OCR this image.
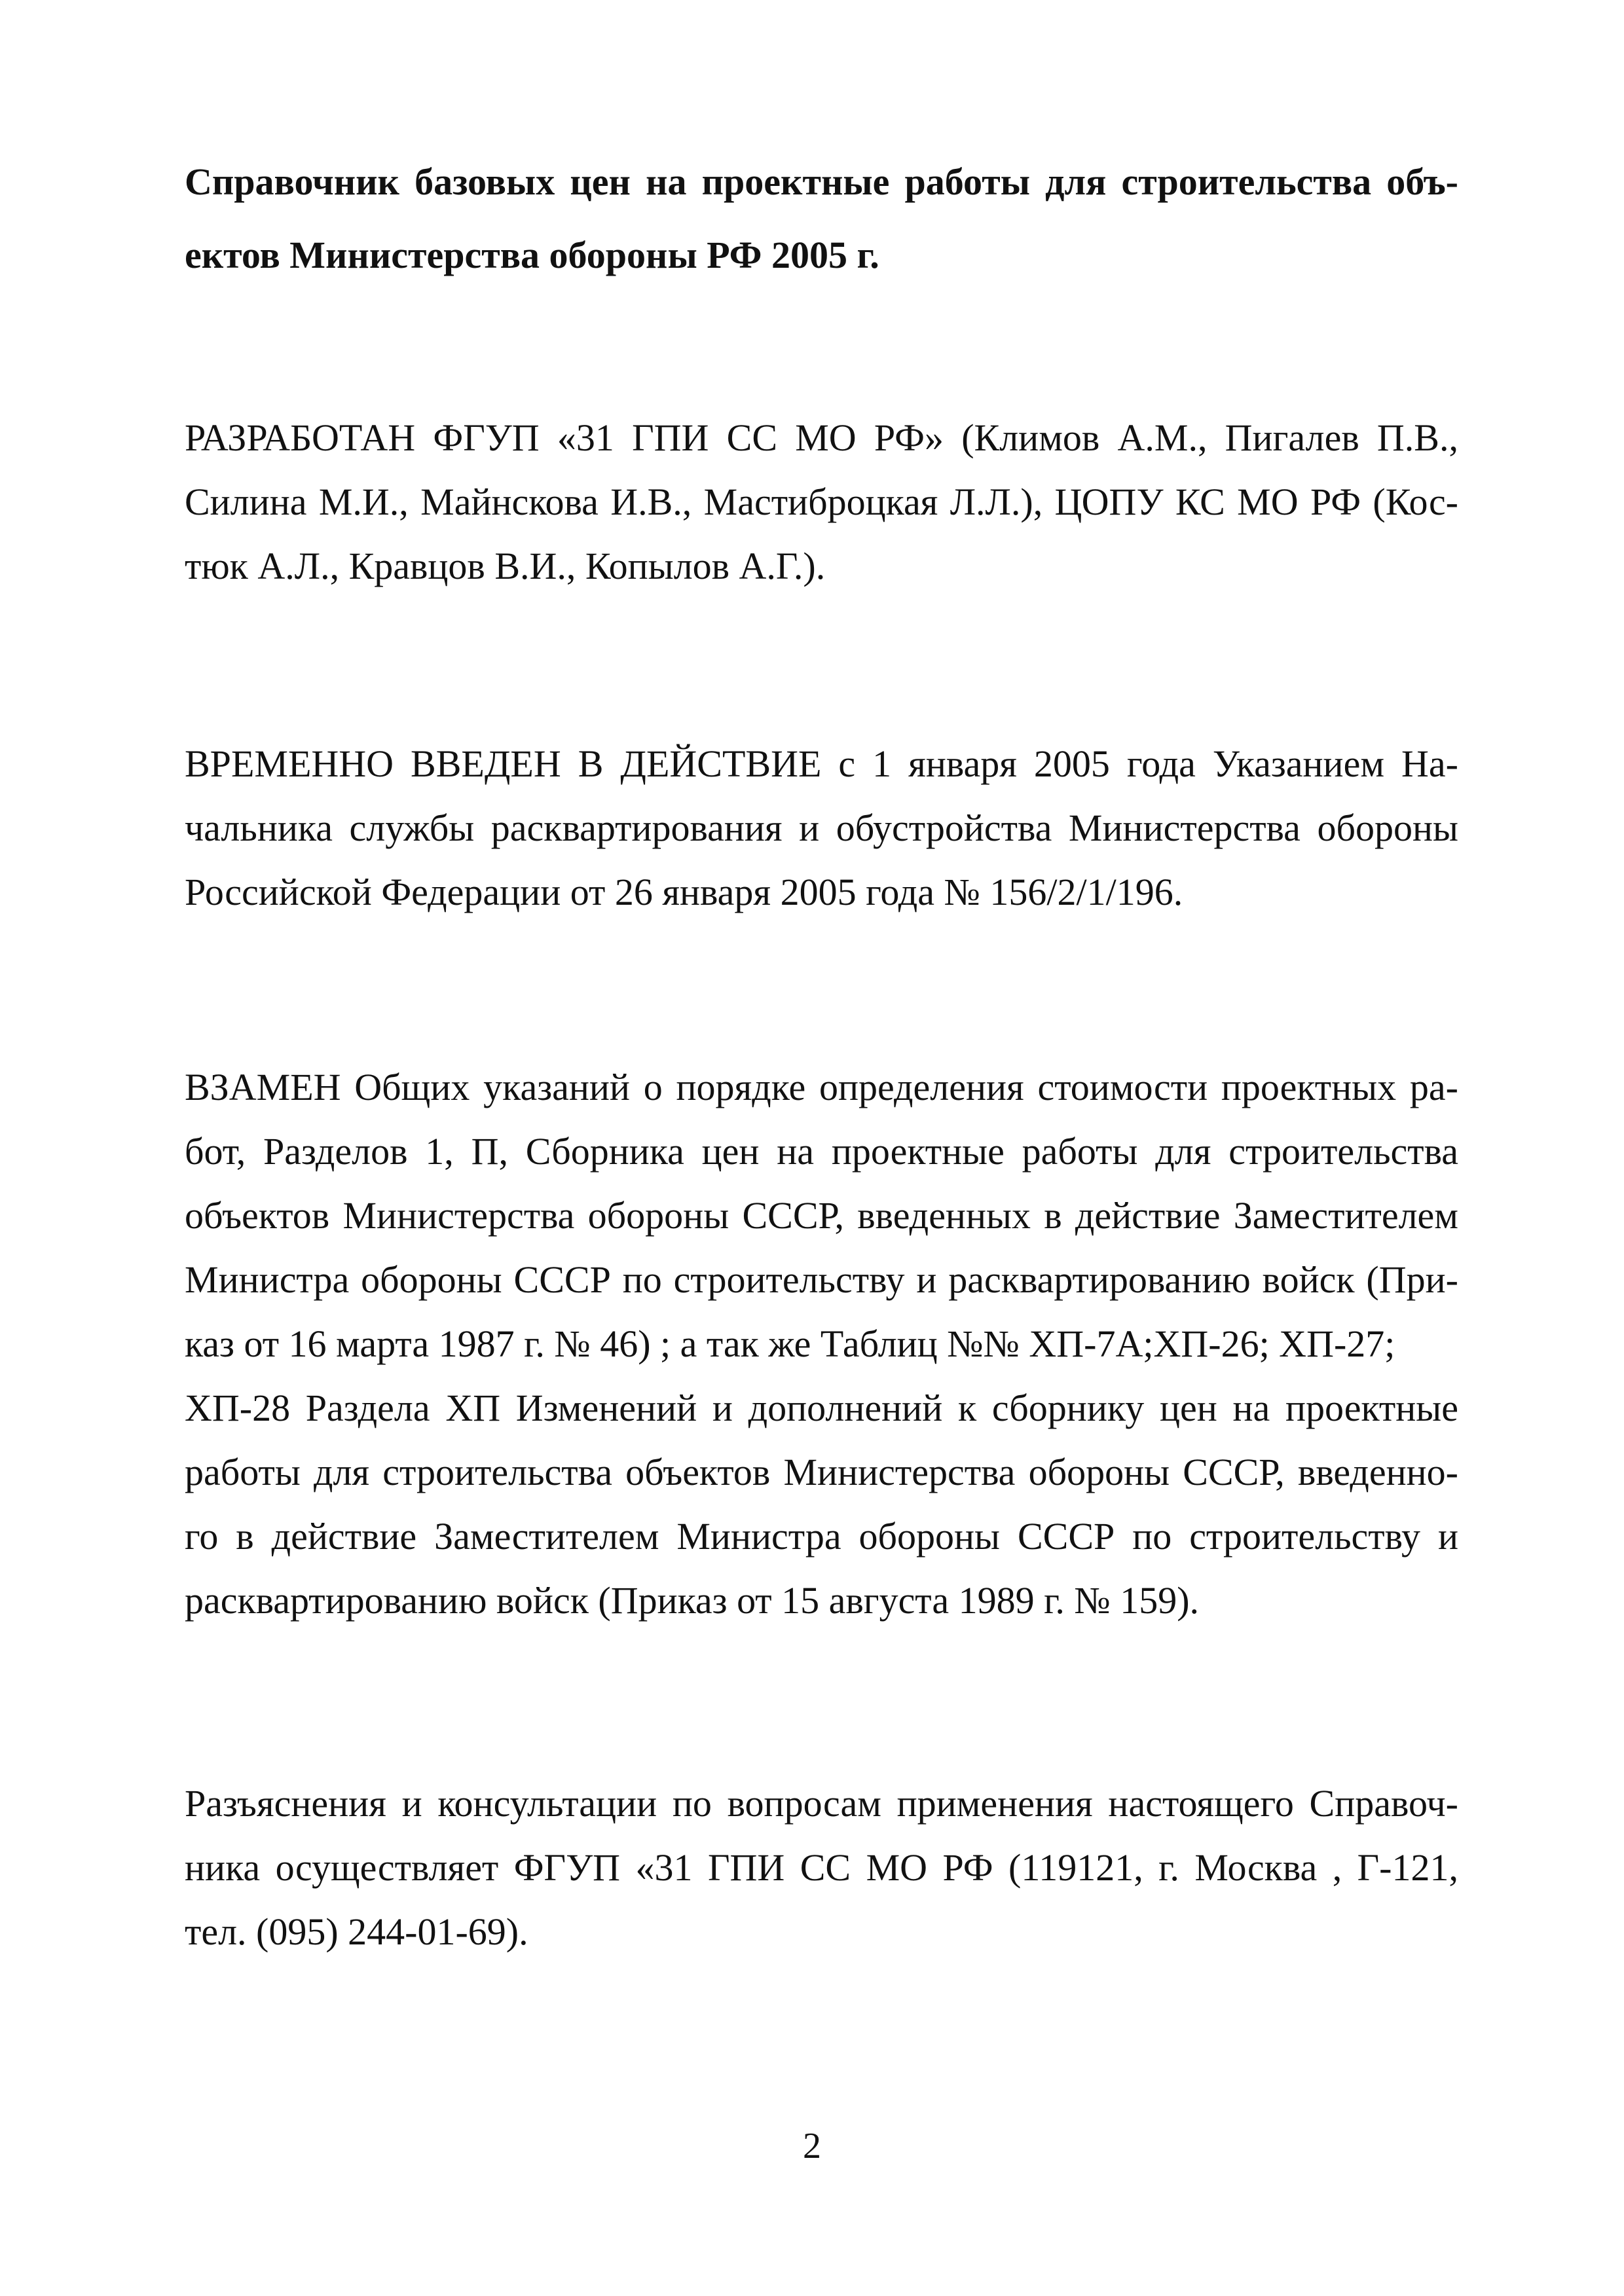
Справочник базовых цен на проектные работы для строительства объ-
ектов Министерства обороны РФ 2005 г.

РАЗРАБОТАН ФГУП «31 ГПИ СС МО РФ» (Климов А.М., Пигалев П.В.,
Силина М.И., Майнскова И.В., Мастиброцкая Л.Л.), ЦОПУ КС МО РФ (Кос-
тюк А.Л., Кравцов В.И., Копылов А.Г.).

ВРЕМЕННО ВВЕДЕН В ДЕЙСТВИЕ с 1 января 2005 года Указанием На-
чальника службы расквартирования и обустройства Министерства обороны
Российской Федерации от 26 января 2005 года № 156/2/1/196.

ВЗАМЕН Общих указаний о порядке определения стоимости проектных ра-
бот, Разделов 1, П, Сборника цен на проектные работы для строительства
объектов Министерства обороны СССР, введенных в действие Заместителем
Министра обороны СССР по строительству и расквартированию войск (При-
каз от 16 марта 1987 г. № 46) ; а так же Таблиц №№ ХП-7А;ХП-26; ХП-27;
ХП-28 Раздела ХП Изменений и дополнений к сборнику цен на проектные
работы для строительства объектов Министерства обороны СССР, введенно-
го в действие Заместителем Министра обороны СССР по строительству и
расквартированию войск (Приказ от 15 августа 1989 г. № 159).

Разъяснения и консультации по вопросам применения настоящего Справоч-
ника осуществляет ФГУП «31 ГПИ СС МО РФ (119121, г. Москва , Г-121,
тел. (095) 244-01-69).

2
